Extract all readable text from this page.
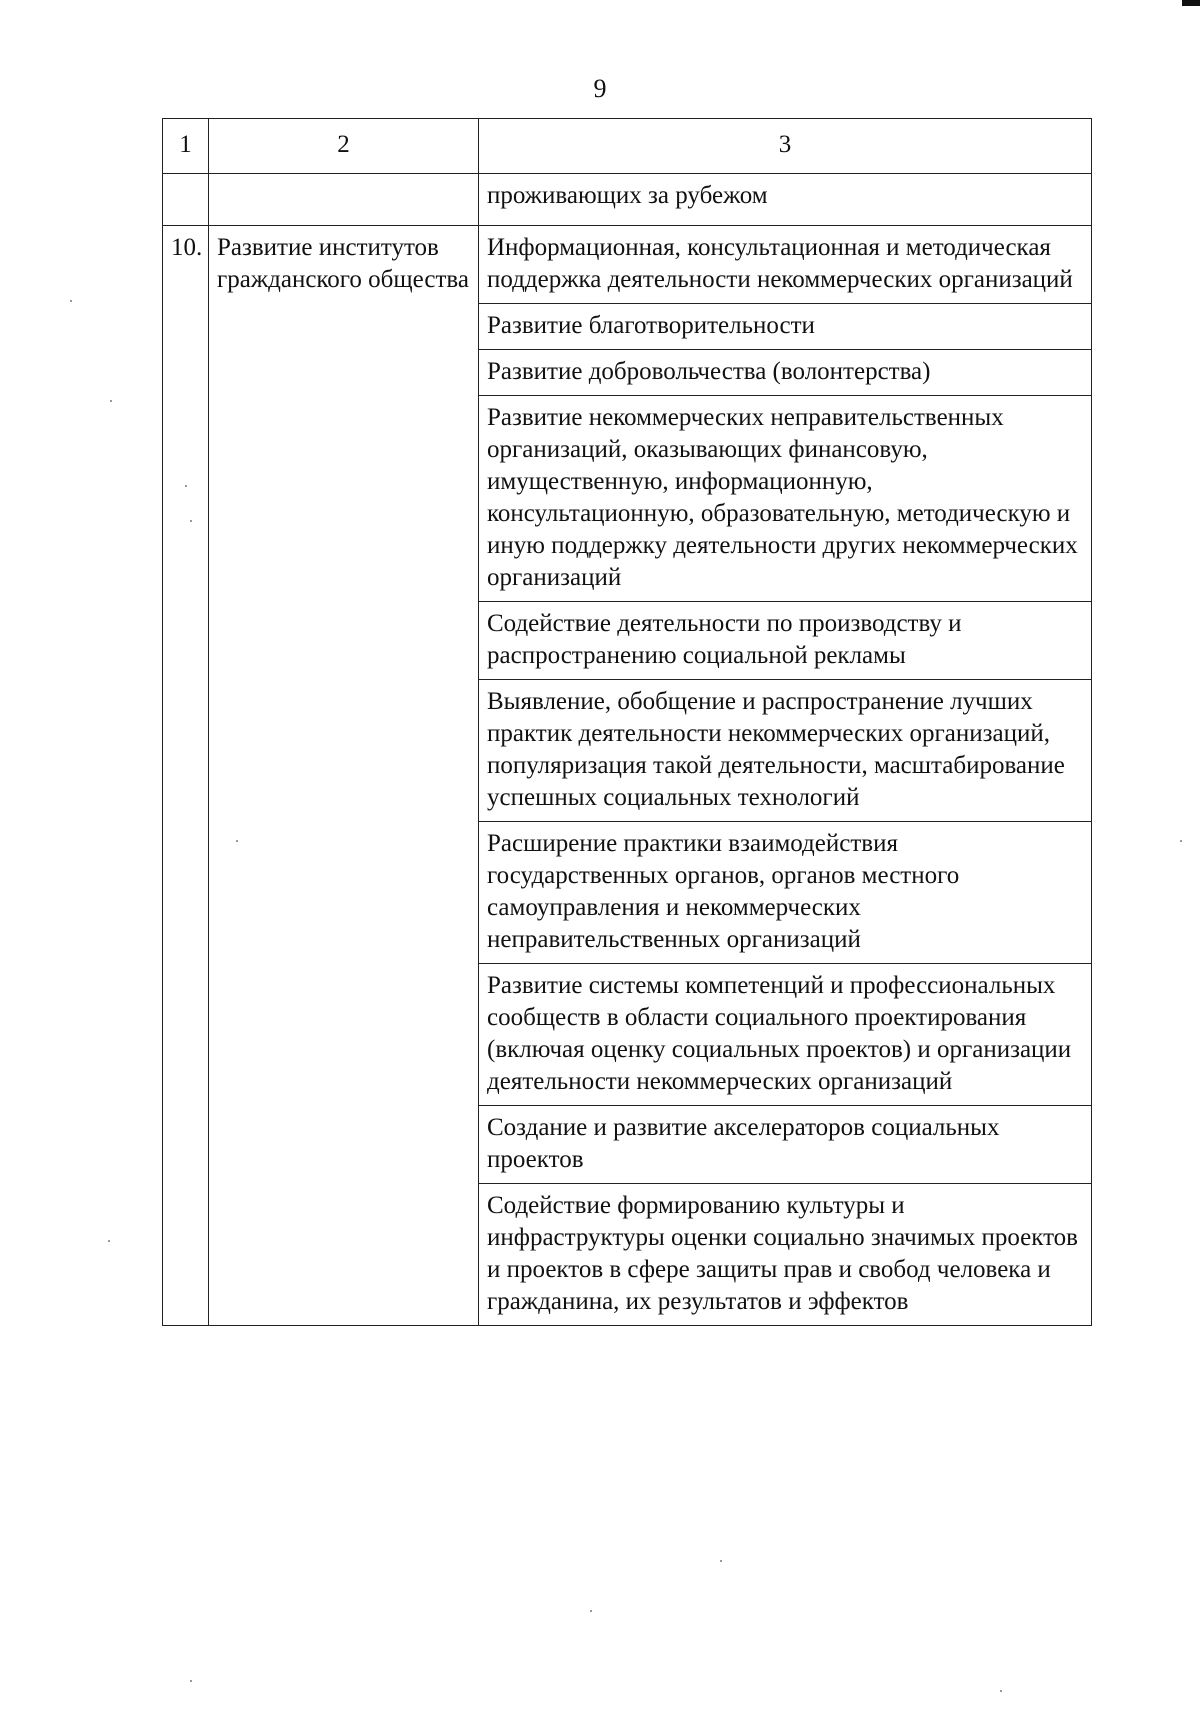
9
1	2	3
		проживающих за рубежом
10.	Развитие институтов гражданского общества	Информационная, консультационная и методическая поддержка деятельности некоммерческих организаций
		Развитие благотворительности
		Развитие добровольчества (волонтерства)
		Развитие некоммерческих неправительственных организаций, оказывающих финансовую, имущественную, информационную, консультационную, образовательную, методическую и иную поддержку деятельности других некоммерческих организаций
		Содействие деятельности по производству и распространению социальной рекламы
		Выявление, обобщение и распространение лучших практик деятельности некоммерческих организаций, популяризация такой деятельности, масштабирование успешных социальных технологий
		Расширение практики взаимодействия государственных органов, органов местного самоуправления и некоммерческих неправительственных организаций
		Развитие системы компетенций и профессиональных сообществ в области социального проектирования (включая оценку социальных проектов) и организации деятельности некоммерческих организаций
		Создание и развитие акселераторов социальных проектов
		Содействие формированию культуры и инфраструктуры оценки социально значимых проектов и проектов в сфере защиты прав и свобод человека и гражданина, их результатов и эффектов
